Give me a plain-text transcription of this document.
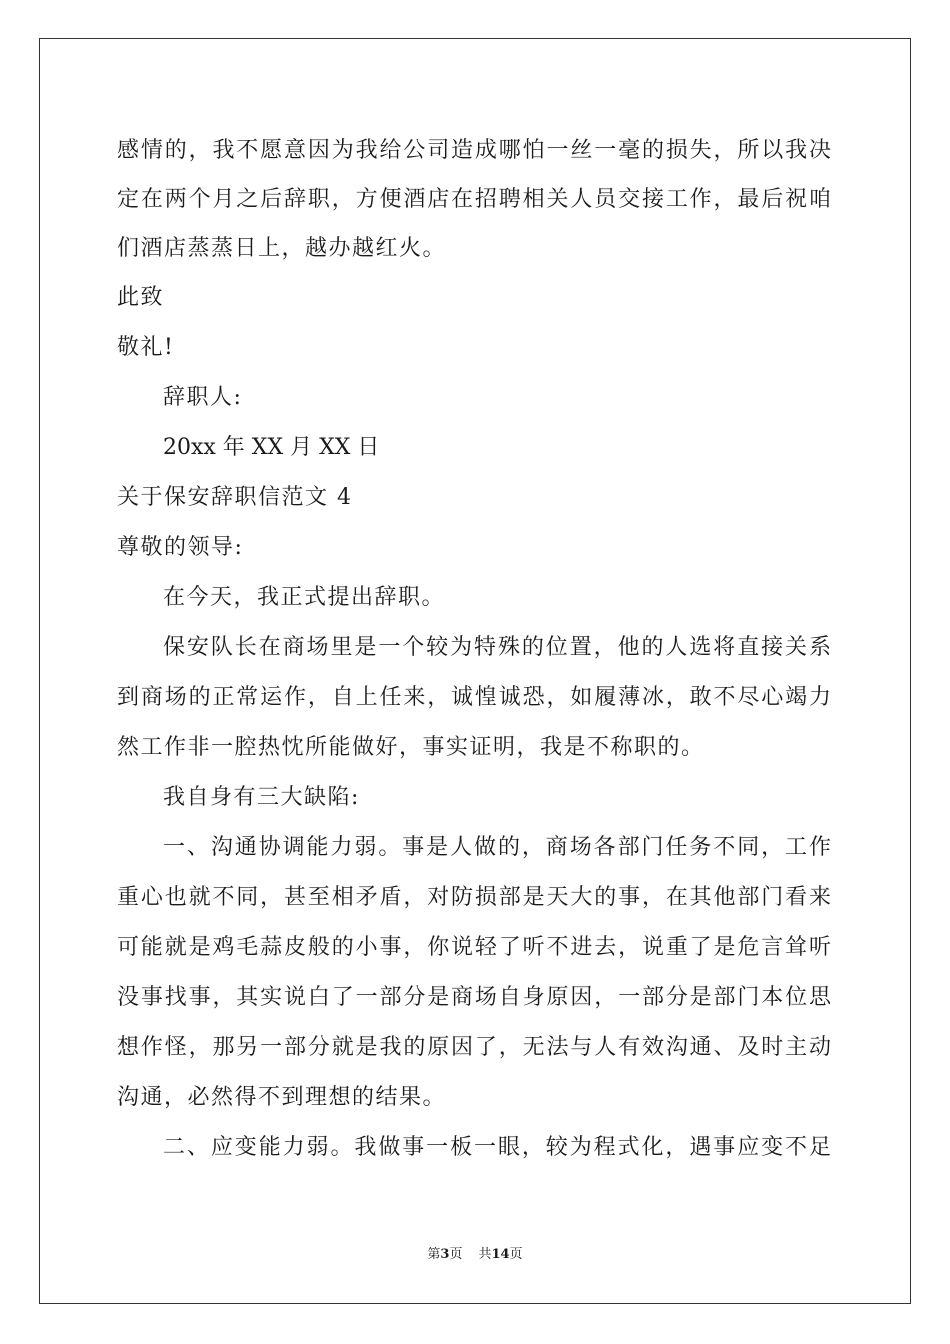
感情的，我不愿意因为我给公司造成哪怕一丝一毫的损失，所以我决
定在两个月之后辞职，方便酒店在招聘相关人员交接工作，最后祝咱
们酒店蒸蒸日上，越办越红火。
此致
敬礼!
辞职人:
20xx 年 XX 月 XX 日
关于保安辞职信范文 4
尊敬的领导:
在今天，我正式提出辞职。
保安队长在商场里是一个较为特殊的位置，他的人选将直接关系
到商场的正常运作，自上任来，诚惶诚恐，如履薄冰，敢不尽心竭力
然工作非一腔热忱所能做好，事实证明，我是不称职的。
我自身有三大缺陷:
一、沟通协调能力弱。事是人做的，商场各部门任务不同，工作
重心也就不同，甚至相矛盾，对防损部是天大的事，在其他部门看来
可能就是鸡毛蒜皮般的小事，你说轻了听不进去，说重了是危言耸听
没事找事，其实说白了一部分是商场自身原因，一部分是部门本位思
想作怪，那另一部分就是我的原因了，无法与人有效沟通、及时主动
沟通，必然得不到理想的结果。
二、应变能力弱。我做事一板一眼，较为程式化，遇事应变不足
第3页 共14页
